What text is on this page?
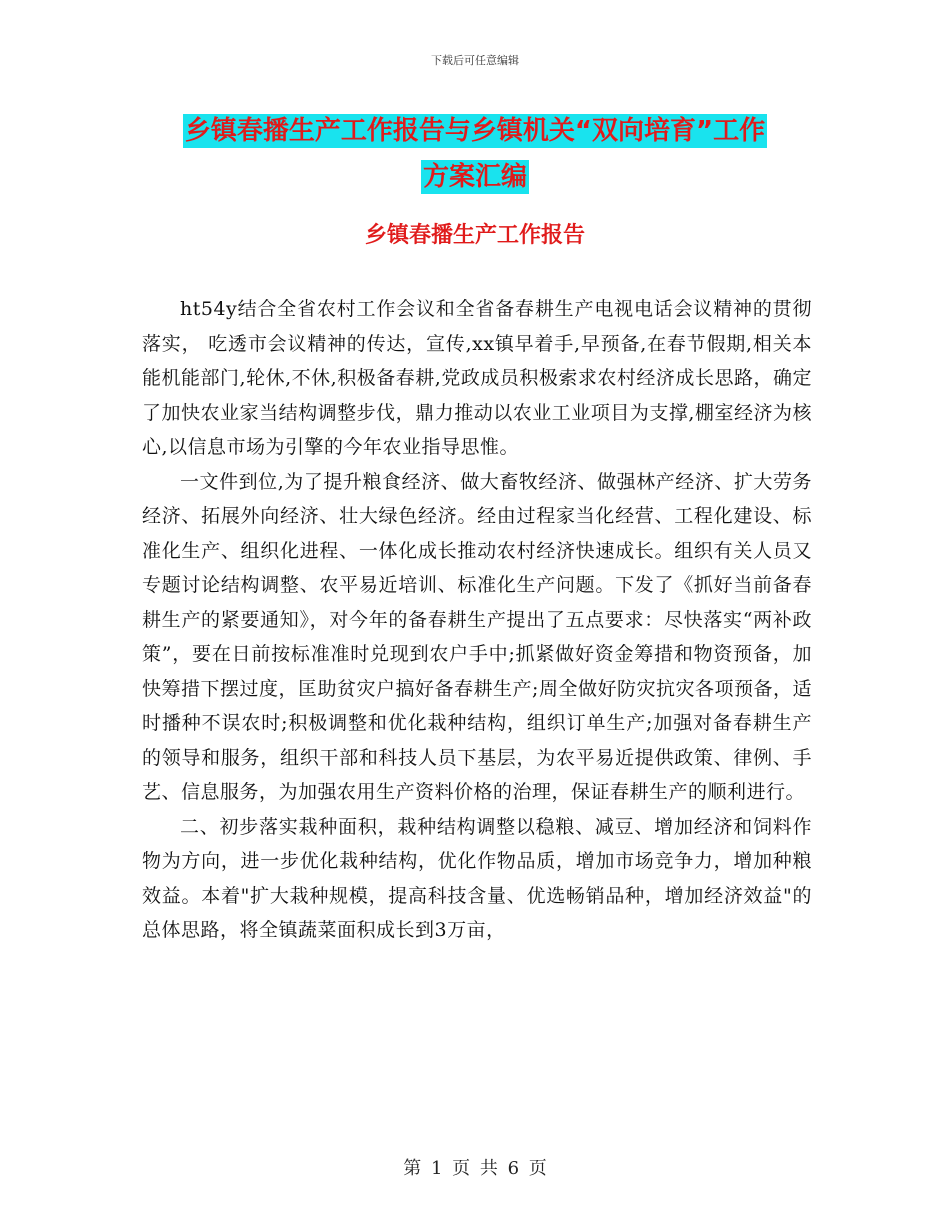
下载后可任意编辑
乡镇春播生产工作报告与乡镇机关“双向培育”工作
方案汇编
乡镇春播生产工作报告

ht54y结合全省农村工作会议和全省备春耕生产电视电话会议精神的贯彻落实， 吃透市会议精神的传达，宣传,xx镇早着手,早预备,在春节假期,相关本能机能部门,轮休,不休,积极备春耕,党政成员积极索求农村经济成长思路，确定了加快农业家当结构调整步伐，鼎力推动以农业工业项目为支撑,棚室经济为核心,以信息市场为引擎的今年农业指导思惟。

一文件到位,为了提升粮食经济、做大畜牧经济、做强林产经济、扩大劳务经济、拓展外向经济、壮大绿色经济。经由过程家当化经营、工程化建设、标准化生产、组织化进程、一体化成长推动农村经济快速成长。组织有关人员又专题讨论结构调整、农平易近培训、标准化生产问题。下发了《抓好当前备春耕生产的紧要通知》，对今年的备春耕生产提出了五点要求：尽快落实“两补政策”，要在日前按标准准时兑现到农户手中;抓紧做好资金筹措和物资预备，加快筹措下摆过度，匡助贫灾户搞好备春耕生产;周全做好防灾抗灾各项预备，适时播种不误农时;积极调整和优化栽种结构，组织订单生产;加强对备春耕生产的领导和服务，组织干部和科技人员下基层，为农平易近提供政策、律例、手艺、信息服务，为加强农用生产资料价格的治理，保证春耕生产的顺利进行。

二、初步落实栽种面积，栽种结构调整以稳粮、减豆、增加经济和饲料作物为方向，进一步优化栽种结构，优化作物品质，增加市场竞争力，增加种粮效益。本着"扩大栽种规模，提高科技含量、优选畅销品种，增加经济效益"的总体思路，将全镇蔬菜面积成长到3万亩，

第 1 页 共 6 页
